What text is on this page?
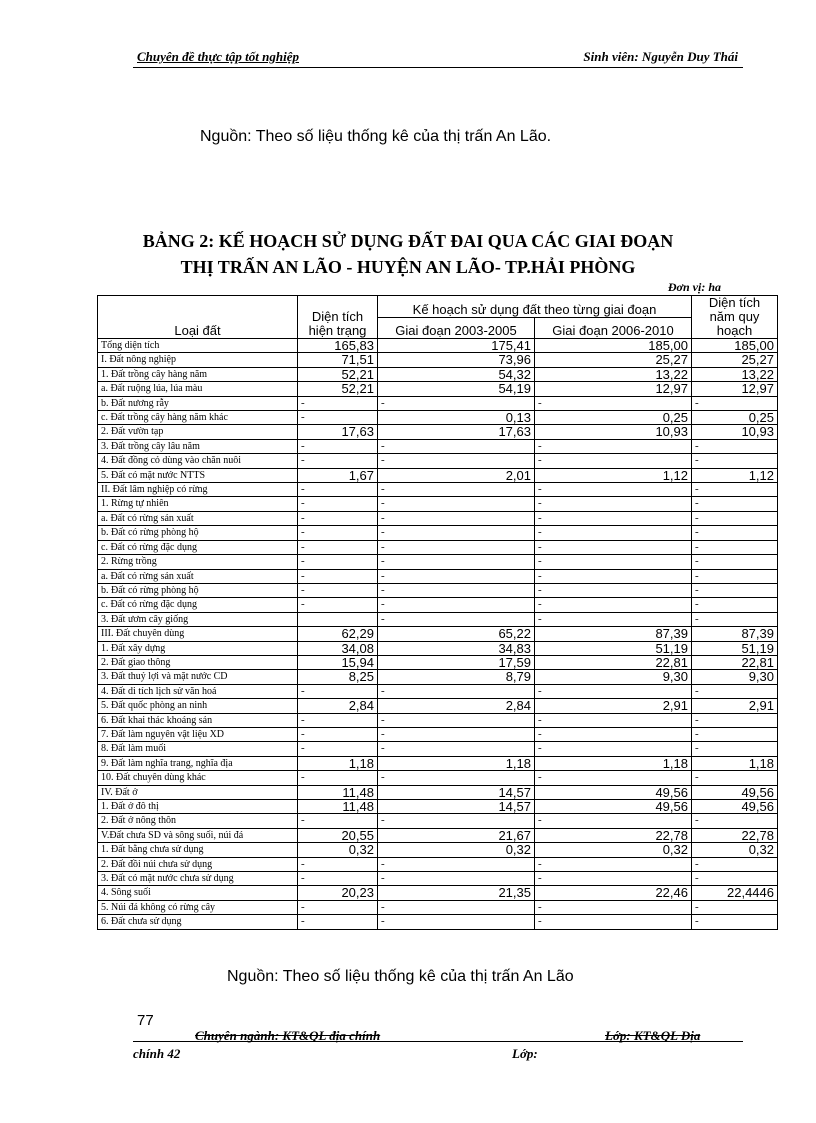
Chuyên đề thực tập tốt nghiệp	Sinh viên: Nguyễn Duy Thái
Nguồn: Theo số liệu thống kê của thị trấn An Lão.
BẢNG 2: KẾ HOẠCH SỬ DỤNG ĐẤT ĐAI QUA CÁC GIAI ĐOẠN
THỊ TRẤN AN LÃO - HUYỆN AN LÃO- TP.HẢI PHÒNG
Đơn vị: ha
Loại đất	Diện tích hiện trạng	Kế hoạch sử dụng đất theo từng giai đoạn		Diện tích năm quy hoạch
		Giai đoạn 2003-2005	Giai đoạn 2006-2010	
Tổng diện tích	165,83	175,41	185,00	185,00
I. Đất nông nghiệp	71,51	73,96	25,27	25,27
1. Đất trồng cây hàng năm	52,21	54,32	13,22	13,22
a. Đất ruộng lúa, lúa màu	52,21	54,19	12,97	12,97
b. Đất nương rẫy	-	-	-	-
c. Đất trồng cây hàng năm khác	-	0,13	0,25	0,25
2. Đất vườn tạp	17,63	17,63	10,93	10,93
3. Đất trồng cây lâu năm	-	-	-	-
4. Đất đồng cỏ dùng vào chăn nuôi	-	-	-	-
5. Đất có mặt nước NTTS	1,67	2,01	1,12	1,12
II. Đất lâm nghiệp có rừng	-	-	-	-
1. Rừng tự nhiên	-	-	-	-
a. Đất có rừng sản xuất	-	-	-	-
b. Đất có rừng phòng hộ	-	-	-	-
c. Đất có rừng đặc dụng	-	-	-	-
2. Rừng trồng	-	-	-	-
a. Đất có rừng sản xuất	-	-	-	-
b. Đất có rừng phòng hộ	-	-	-	-
c. Đất có rừng đặc dụng	-	-	-	-
3. Đất ươm cây giống		-	-	-
III. Đất chuyên dùng	62,29	65,22	87,39	87,39
1. Đất xây dựng	34,08	34,83	51,19	51,19
2. Đất giao thông	15,94	17,59	22,81	22,81
3. Đất thuỷ lợi và mặt nước CD	8,25	8,79	9,30	9,30
4. Đất di tích lịch sử văn hoá	-	-	-	-
5. Đất quốc phòng an ninh	2,84	2,84	2,91	2,91
6. Đất khai thác khoáng sản	-	-	-	-
7. Đất làm nguyên vật liệu XD	-	-	-	-
8. Đất làm muối	-	-	-	-
9. Đất làm nghĩa trang, nghĩa địa	1,18	1,18	1,18	1,18
10. Đất chuyên dùng khác	-	-	-	-
IV. Đất ở	11,48	14,57	49,56	49,56
1. Đất ở đô thị	11,48	14,57	49,56	49,56
2. Đất ở nông thôn	-	-	-	-
V.Đất chưa SD và sông suối, núi đá	20,55	21,67	22,78	22,78
1. Đất bằng chưa sử dụng	0,32	0,32	0,32	0,32
2. Đất đồi núi chưa sử dụng	-	-	-	-
3. Đất có mặt nước chưa sử dụng	-	-	-	-
4. Sông suối	20,23	21,35	22,46	22,4446
5. Núi đá không có rừng cây	-	-	-	-
6. Đất chưa sử dụng	-	-	-	-
Nguồn: Theo số liệu thống kê của thị trấn An Lão
77
Chuyên ngành: KT&QL địa chính	Lớp: KT&QL Địa
chính 42	Lớp:
